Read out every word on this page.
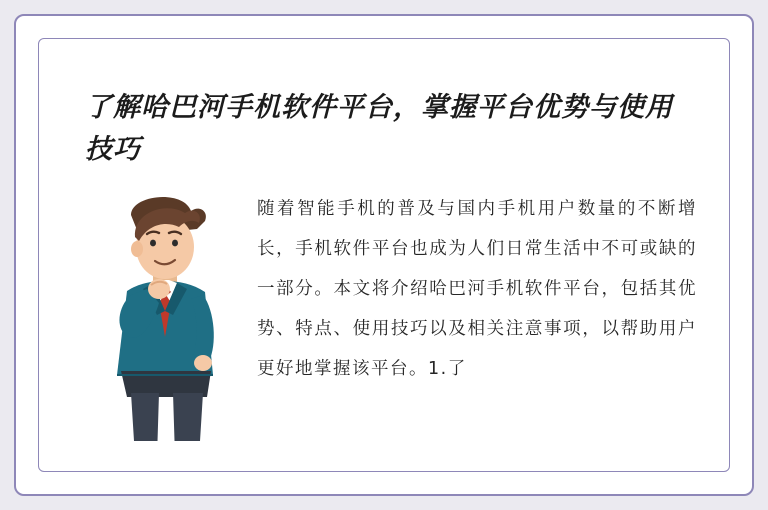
了解哈巴河手机软件平台，掌握平台优势与使用技巧
随着智能手机的普及与国内手机用户数量的不断增长，手机软件平台也成为人们日常生活中不可或缺的一部分。本文将介绍哈巴河手机软件平台，包括其优势、特点、使用技巧以及相关注意事项，以帮助用户更好地掌握该平台。1.了
